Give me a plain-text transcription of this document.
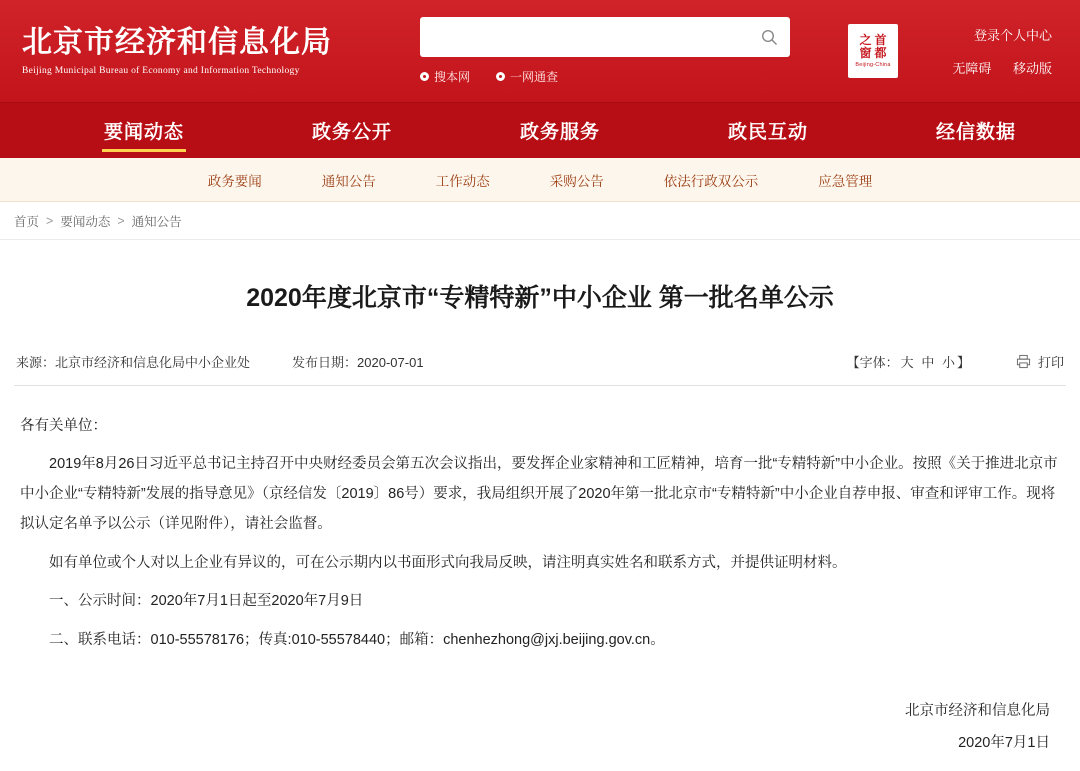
北京市经济和信息化局
Beijing Municipal Bureau of Economy and Information Technology	搜本网	一网通查
之 首
窗 都
Beijing-China
登录个人中心
无障碍 移动版
要闻动态	政务公开	政务服务	政民互动	经信数据
政务要闻	通知公告	工作动态	采购公告	依法行政双公示	应急管理
首页 > 要闻动态 > 通知公告
2020年度北京市“专精特新”中小企业 第一批名单公示
来源：北京市经济和信息化局中小企业处	发布日期：2020-07-01	【字体： 大 中 小 】	打印

各有关单位：

2019年8月26日习近平总书记主持召开中央财经委员会第五次会议指出，要发挥企业家精神和工匠精神，培育一批“专精特新”中小企业。按照《关于推进北京市中小企业“专精特新”发展的指导意见》（京经信发〔2019〕86号）要求，我局组织开展了2020年第一批北京市“专精特新”中小企业自荐申报、审查和评审工作。现将拟认定名单予以公示（详见附件），请社会监督。

如有单位或个人对以上企业有异议的，可在公示期内以书面形式向我局反映，请注明真实姓名和联系方式，并提供证明材料。

一、公示时间：2020年7月1日起至2020年7月9日

二、联系电话：010-55578176；传真:010-55578440；邮箱：chenhezhong@jxj.beijing.gov.cn。

北京市经济和信息化局
2020年7月1日
